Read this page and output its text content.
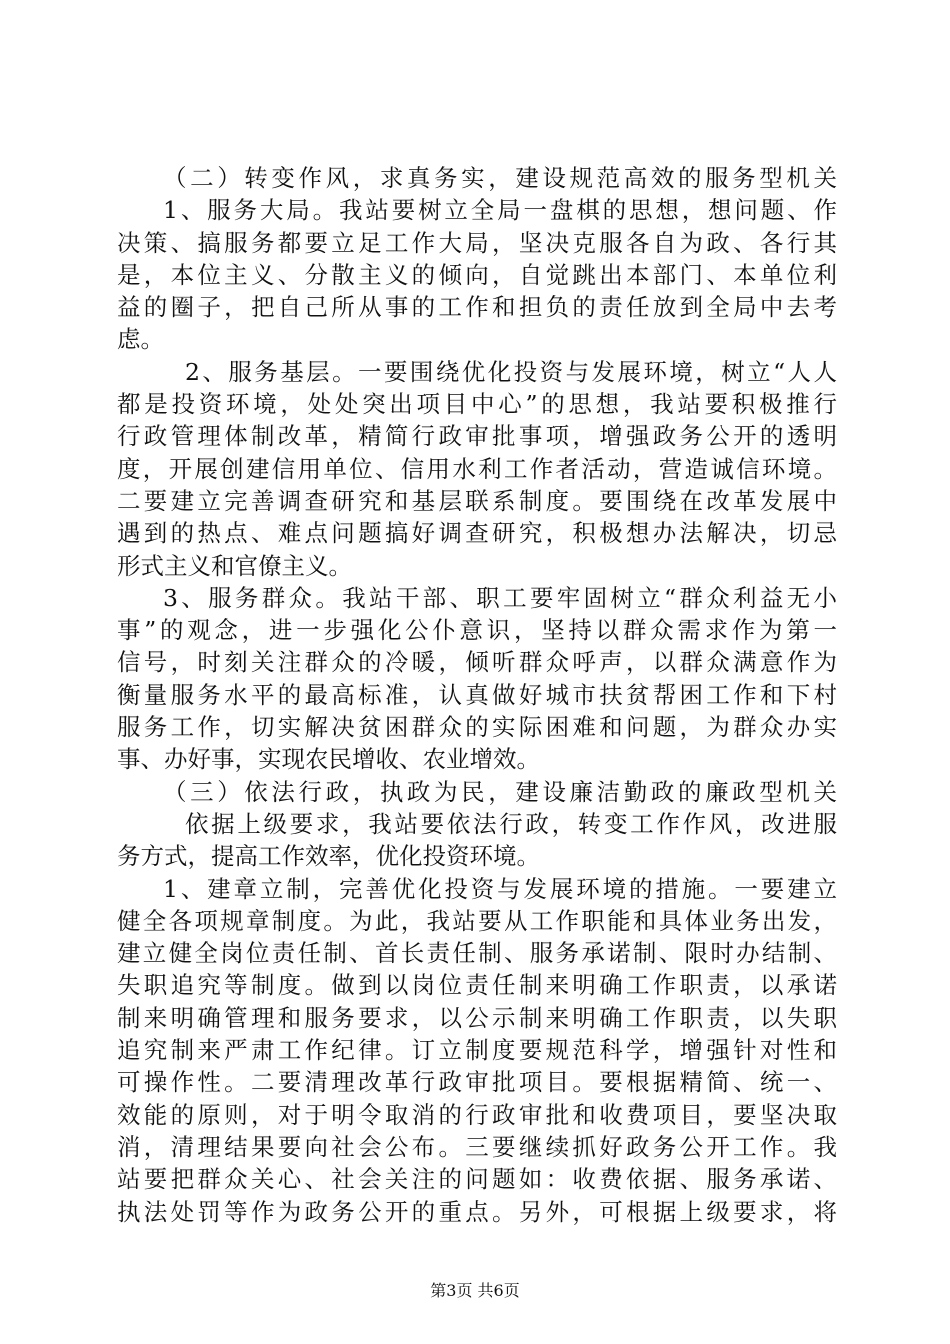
（二）转变作风，求真务实，建设规范高效的服务型机关
1、服务大局。我站要树立全局一盘棋的思想，想问题、作
决策、搞服务都要立足工作大局，坚决克服各自为政、各行其
是，本位主义、分散主义的倾向，自觉跳出本部门、本单位利
益的圈子，把自己所从事的工作和担负的责任放到全局中去考
虑。
2、服务基层。一要围绕优化投资与发展环境，树立“人人
都是投资环境，处处突出项目中心”的思想，我站要积极推行
行政管理体制改革，精简行政审批事项，增强政务公开的透明
度，开展创建信用单位、信用水利工作者活动，营造诚信环境。
二要建立完善调查研究和基层联系制度。要围绕在改革发展中
遇到的热点、难点问题搞好调查研究，积极想办法解决，切忌
形式主义和官僚主义。
3、服务群众。我站干部、职工要牢固树立“群众利益无小
事”的观念，进一步强化公仆意识，坚持以群众需求作为第一
信号，时刻关注群众的冷暖，倾听群众呼声，以群众满意作为
衡量服务水平的最高标准，认真做好城市扶贫帮困工作和下村
服务工作，切实解决贫困群众的实际困难和问题，为群众办实
事、办好事，实现农民增收、农业增效。
（三）依法行政，执政为民，建设廉洁勤政的廉政型机关
依据上级要求，我站要依法行政，转变工作作风，改进服
务方式，提高工作效率，优化投资环境。
1、建章立制，完善优化投资与发展环境的措施。一要建立
健全各项规章制度。为此，我站要从工作职能和具体业务出发，
建立健全岗位责任制、首长责任制、服务承诺制、限时办结制、
失职追究等制度。做到以岗位责任制来明确工作职责，以承诺
制来明确管理和服务要求，以公示制来明确工作职责，以失职
追究制来严肃工作纪律。订立制度要规范科学，增强针对性和
可操作性。二要清理改革行政审批项目。要根据精简、统一、
效能的原则，对于明令取消的行政审批和收费项目，要坚决取
消，清理结果要向社会公布。三要继续抓好政务公开工作。我
站要把群众关心、社会关注的问题如：收费依据、服务承诺、
执法处罚等作为政务公开的重点。另外，可根据上级要求，将
第3页 共6页
